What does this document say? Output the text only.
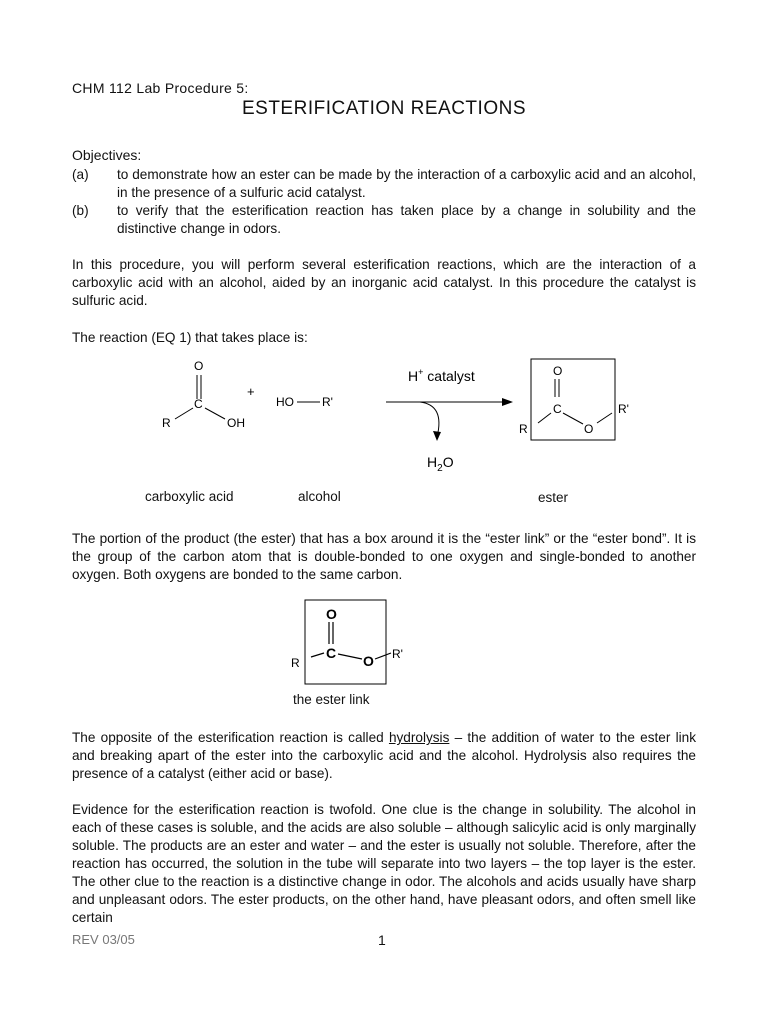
CHM 112 Lab Procedure 5:
ESTERIFICATION REACTIONS
Objectives:
(a) to demonstrate how an ester can be made by the interaction of a carboxylic acid and an alcohol, in the presence of a sulfuric acid catalyst.
(b) to verify that the esterification reaction has taken place by a change in solubility and the distinctive change in odors.
In this procedure, you will perform several esterification reactions, which are the interaction of a carboxylic acid with an alcohol, aided by an inorganic acid catalyst. In this procedure the catalyst is sulfuric acid.
The reaction (EQ 1) that takes place is:
O
C
R	OH
+
HO R'
O
C
R	O
R'
H+ catalyst
$H_2O$
carboxylic acid	alcohol	ester
The portion of the product (the ester) that has a box around it is the “ester link” or the “ester bond”. It is the group of the carbon atom that is double-bonded to one oxygen and single-bonded to another oxygen. Both oxygens are bonded to the same carbon.
O
C O
R
R'
the ester link
The opposite of the esterification reaction is called hydrolysis – the addition of water to the ester link and breaking apart of the ester into the carboxylic acid and the alcohol. Hydrolysis also requires the presence of a catalyst (either acid or base).
Evidence for the esterification reaction is twofold. One clue is the change in solubility. The alcohol in each of these cases is soluble, and the acids are also soluble – although salicylic acid is only marginally soluble. The products are an ester and water – and the ester is usually not soluble. Therefore, after the reaction has occurred, the solution in the tube will separate into two layers – the top layer is the ester. The other clue to the reaction is a distinctive change in odor. The alcohols and acids usually have sharp and unpleasant odors. The ester products, on the other hand, have pleasant odors, and often smell like certain
REV 03/05	1
